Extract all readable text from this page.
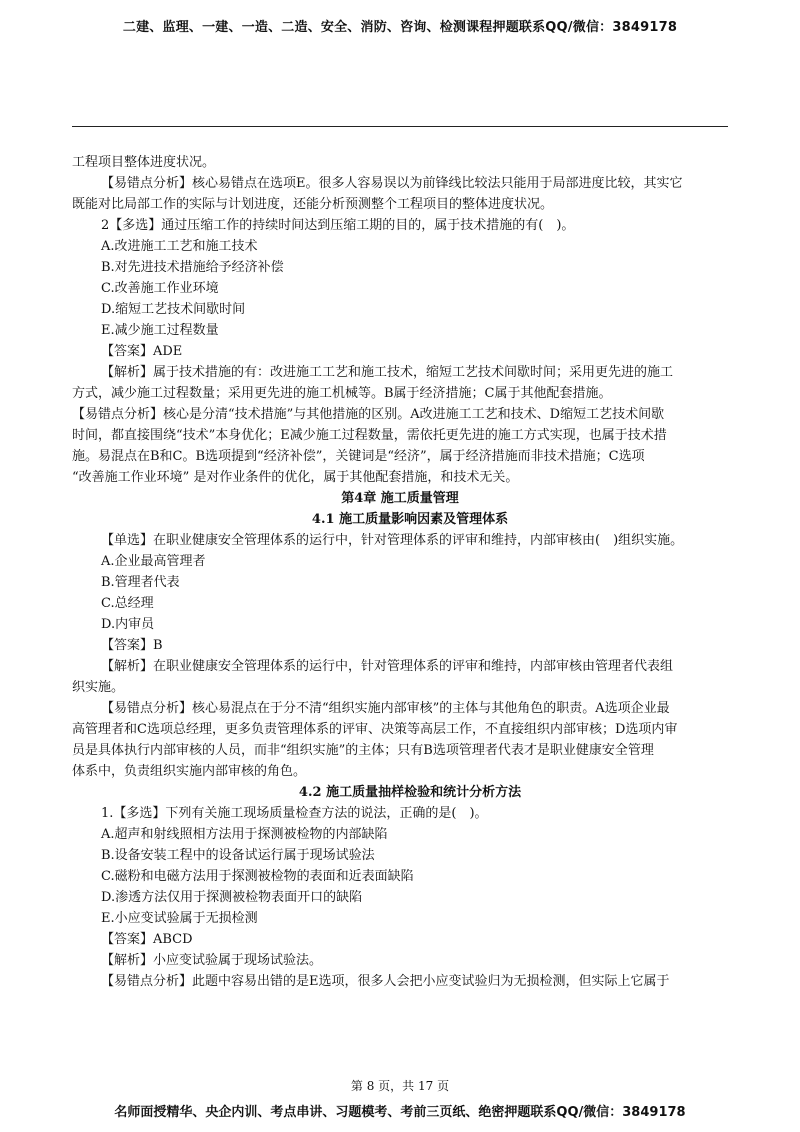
二建、监理、一建、一造、二造、安全、消防、咨询、检测课程押题联系QQ/微信：3849178

工程项目整体进度状况。

【易错点分析】核心易错点在选项E。很多人容易误以为前锋线比较法只能用于局部进度比较，其实它

既能对比局部工作的实际与计划进度，还能分析预测整个工程项目的整体进度状况。

2【多选】通过压缩工作的持续时间达到压缩工期的目的，属于技术措施的有(　)。

A.改进施工工艺和施工技术

B.对先进技术措施给予经济补偿

C.改善施工作业环境

D.缩短工艺技术间歇时间

E.减少施工过程数量

【答案】ADE

【解析】属于技术措施的有：改进施工工艺和施工技术，缩短工艺技术间歇时间；采用更先进的施工

方式，减少施工过程数量；采用更先进的施工机械等。B属于经济措施；C属于其他配套措施。

【易错点分析】核心是分清“技术措施”与其他措施的区别。A改进施工工艺和技术、D缩短工艺技术间歇

时间，都直接围绕“技术”本身优化；E减少施工过程数量，需依托更先进的施工方式实现，也属于技术措

施。易混点在B和C。B选项提到“经济补偿”，关键词是“经济”，属于经济措施而非技术措施；C选项

“改善施工作业环境” 是对作业条件的优化，属于其他配套措施，和技术无关。

第4章 施工质量管理

4.1 施工质量影响因素及管理体系

【单选】在职业健康安全管理体系的运行中，针对管理体系的评审和维持，内部审核由(　)组织实施。

A.企业最高管理者

B.管理者代表

C.总经理

D.内审员

【答案】B

【解析】在职业健康安全管理体系的运行中，针对管理体系的评审和维持，内部审核由管理者代表组

织实施。

【易错点分析】核心易混点在于分不清“组织实施内部审核”的主体与其他角色的职责。A选项企业最

高管理者和C选项总经理，更多负责管理体系的评审、决策等高层工作，不直接组织内部审核；D选项内审

员是具体执行内部审核的人员，而非“组织实施”的主体；只有B选项管理者代表才是职业健康安全管理

体系中，负责组织实施内部审核的角色。

4.2 施工质量抽样检验和统计分析方法

1.【多选】下列有关施工现场质量检查方法的说法，正确的是(　)。

A.超声和射线照相方法用于探测被检物的内部缺陷

B.设备安装工程中的设备试运行属于现场试验法

C.磁粉和电磁方法用于探测被检物的表面和近表面缺陷

D.渗透方法仅用于探测被检物表面开口的缺陷

E.小应变试验属于无损检测

【答案】ABCD

【解析】小应变试验属于现场试验法。

【易错点分析】此题中容易出错的是E选项，很多人会把小应变试验归为无损检测，但实际上它属于

第 8 页，共 17 页
名师面授精华、央企内训、考点串讲、习题模考、考前三页纸、绝密押题联系QQ/微信：3849178
